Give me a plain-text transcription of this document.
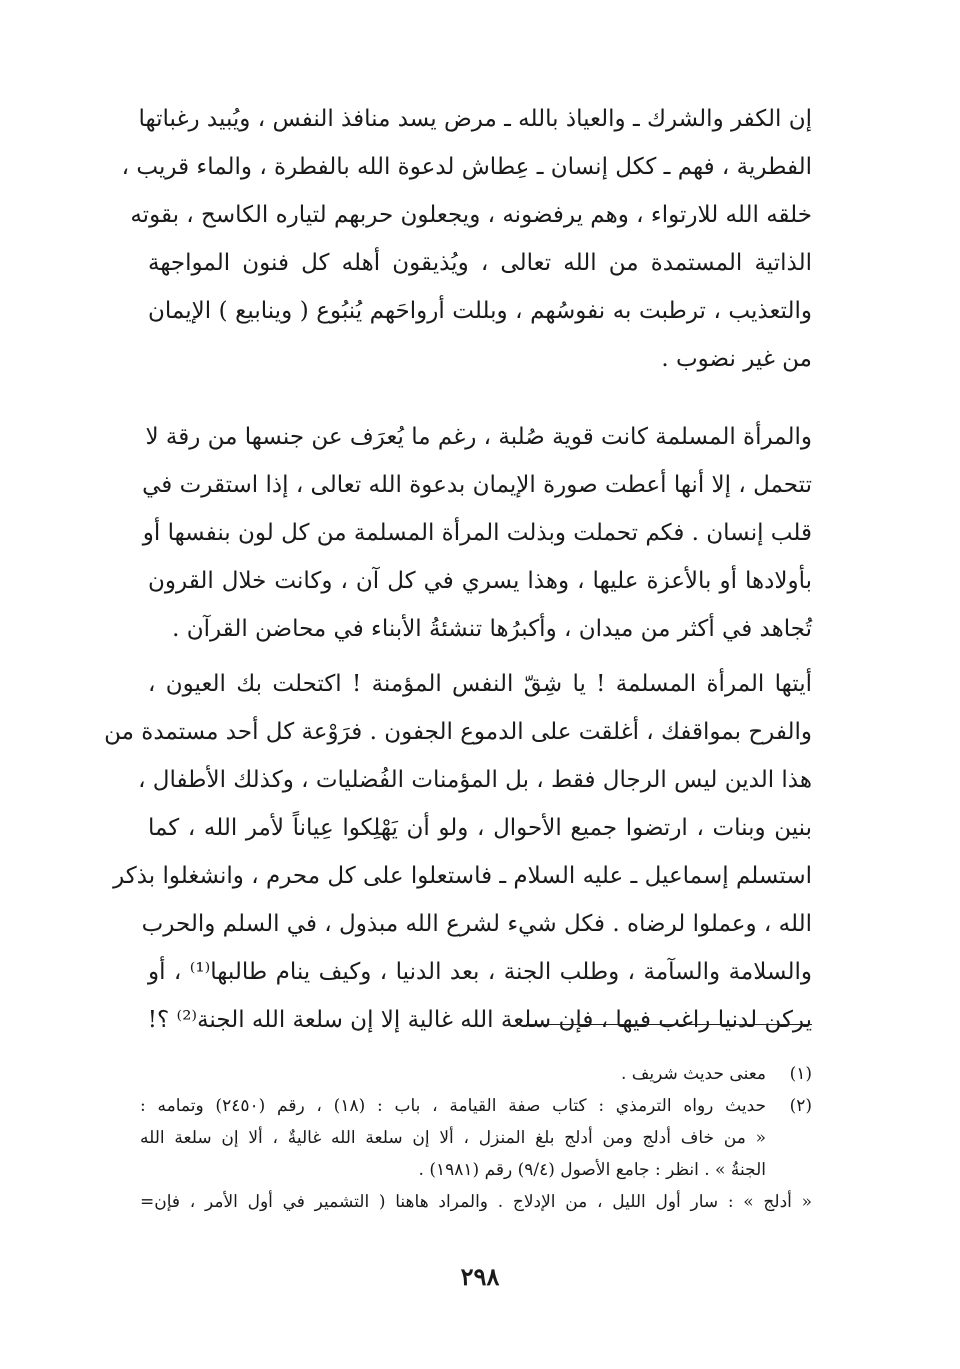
إن الكفر والشرك ـ والعياذ بالله ـ مرض يسد منافذ النفس ، ويُبيد رغباتها
الفطرية ، فهم ـ ككل إنسان ـ عِطاش لدعوة الله بالفطرة ، والماء قريب ،
خلقه الله للارتواء ، وهم يرفضونه ، ويجعلون حربهم لتياره الكاسح ، بقوته
الذاتية المستمدة من الله تعالى ، ويُذيقون أهله كل فنون المواجهة
والتعذيب ، ترطبت به نفوسُهم ، وبللت أرواحَهم يُنبُوع ( وينابيع ) الإيمان
من غير نضوب .
والمرأة المسلمة كانت قوية صُلبة ، رغم ما يُعرَف عن جنسها من رقة لا
تتحمل ، إلا أنها أعطت صورة الإيمان بدعوة الله تعالى ، إذا استقرت في
قلب إنسان . فكم تحملت وبذلت المرأة المسلمة من كل لون بنفسها أو
بأولادها أو بالأعزة عليها ، وهذا يسري في كل آن ، وكانت خلال القرون
تُجاهد في أكثر من ميدان ، وأكبرُها تنشئةُ الأبناء في محاضن القرآن .
أيتها المرأة المسلمة ! يا شِقّ النفس المؤمنة ! اكتحلت بك العيون ،
والفرح بمواقفك ، أغلقت على الدموع الجفون . فرَوْعة كل أحد مستمدة من
هذا الدين ليس الرجال فقط ، بل المؤمنات الفُضليات ، وكذلك الأطفال ،
بنين وبنات ، ارتضوا جميع الأحوال ، ولو أن يَهْلِكوا عِياناً لأمر الله ، كما
استسلم إسماعيل ـ عليه السلام ـ فاستعلوا على كل محرم ، وانشغلوا بذكر
الله ، وعملوا لرضاه . فكل شيء لشرع الله مبذول ، في السلم والحرب
والسلامة والسآمة ، وطلب الجنة ، بعد الدنيا ، وكيف ينام طالبها⁽¹⁾ ، أو
يركن لدنيا راغب فيها ، فإن سلعة الله غالية إلا إن سلعة الله الجنة⁽²⁾ ؟!
(١)
معنى حديث شريف .
(٢)
حديث رواه الترمذي : كتاب صفة القيامة ، باب : (١٨) ، رقم (٢٤٥٠) وتمامه :
« من خاف أدلج ومن أدلج بلغ المنزل ، ألا إن سلعة الله غاليةٌ ، ألا إن سلعة الله
الجنةُ » . انظر : جامع الأصول (٩/٤) رقم (١٩٨١) .
« أدلج » : سار أول الليل ، من الإدلاج . والمراد هاهنا ( التشمير في أول الأمر ، فإن=
٢٩٨
